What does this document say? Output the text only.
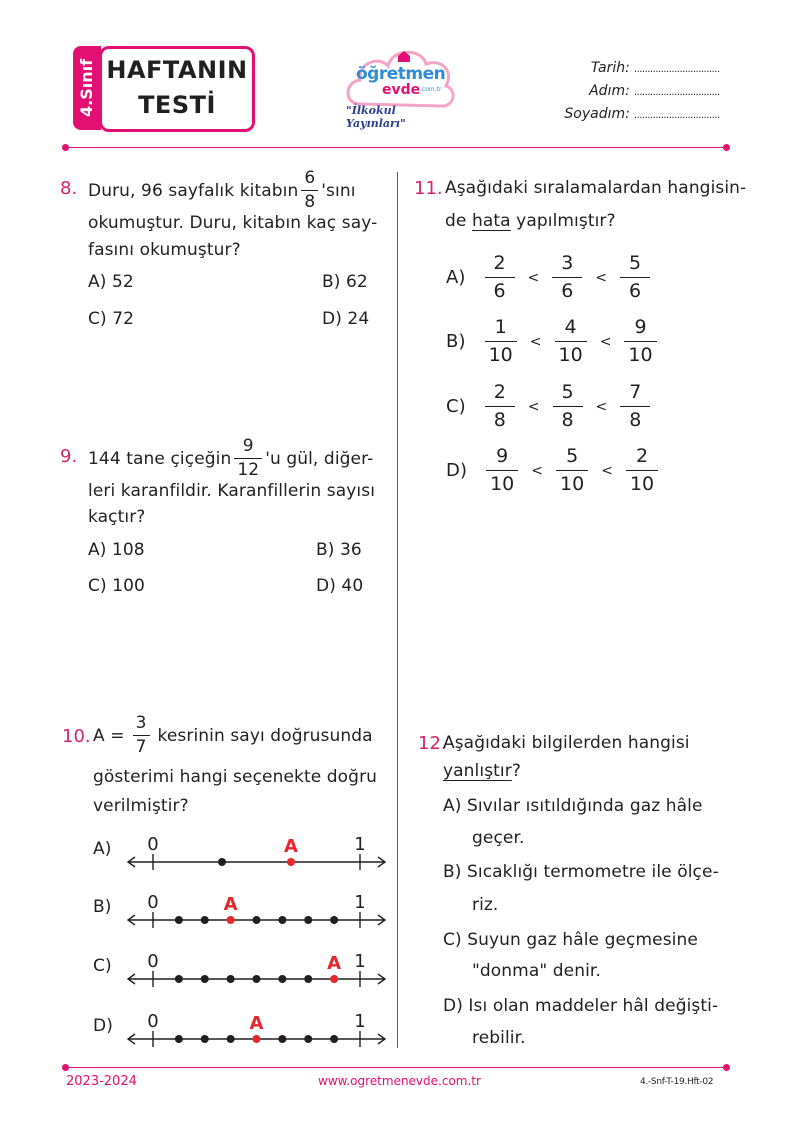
4.Sınıf HAFTANIN
TESTİ
öğretmen
evde .com.tr
"İlkokul Yayınları"
Tarih: ................................
Adım: ................................
Soyadım: ................................
8. Duru, 96 sayfalık kitabın $\frac{6}{8}$ 'sını
okumuştur. Duru, kitabın kaç say-
fasını okumuştur?
A) 52	B) 62
C) 72	D) 24
9. 144 tane çiçeğin $\frac{9}{12}$ 'u gül, diğer-
leri karanfildir. Karanfillerin sayısı
kaçtır?
A) 108	B) 36
C) 100	D) 40
10. $A = \frac{3}{7}$ kesrinin sayı doğrusunda
gösterimi hangi seçenekte doğru
verilmiştir?
A) 0	1
A
B) 0	1
A
C) 0	1
A
D) 0	1
A
11. Aşağıdaki sıralamalardan hangisin-
de hata yapılmıştır?
$A) \frac{2}{6} < \frac{3}{6} < \frac{5}{6}$
$B) \frac{1}{10} < \frac{4}{10} < \frac{9}{10}$
$C) \frac{2}{8} < \frac{5}{8} < \frac{7}{8}$
$D) \frac{9}{10} < \frac{5}{10} < \frac{2}{10}$
12.
Aşağıdaki bilgilerden hangisi
yanlıştır?
A) Sıvılar ısıtıldığında gaz hâle
geçer.
B) Sıcaklığı termometre ile ölçe-
riz.
C) Suyun gaz hâle geçmesine
"donma" denir.
D) Isı olan maddeler hâl değişti-
rebilir.
2023-2024	www.ogretmenevde.com.tr	4.-Snf-T-19.Hft-02
